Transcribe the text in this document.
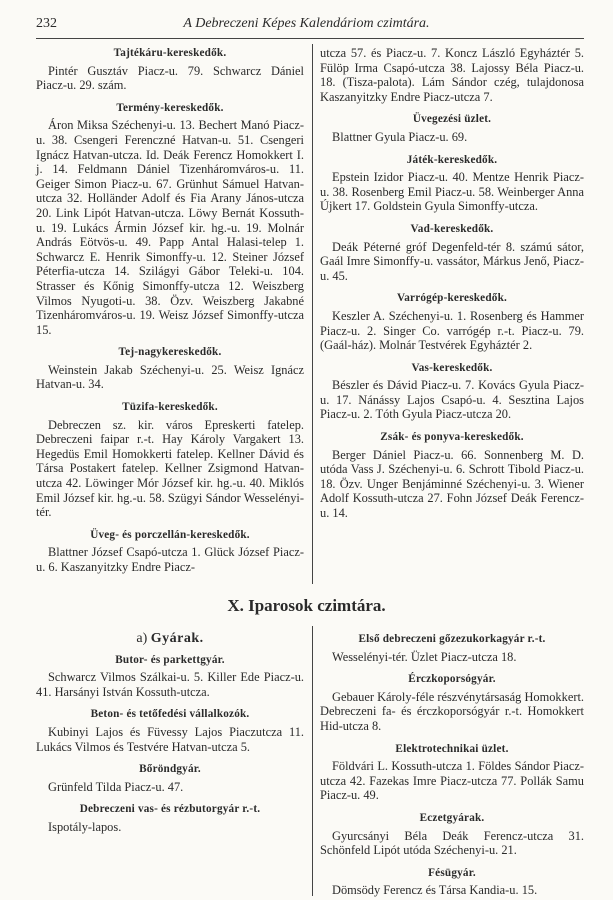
232	A Debreczeni Képes Kalendáriom czimtára.
Tajtékáru-kereskedők.

Pintér Gusztáv Piacz-u. 79. Schwarcz Dániel Piacz-u. 29. szám.

Termény-kereskedők.

Áron Miksa Széchenyi-u. 13. Bechert Manó Piacz-u. 38. Csengeri Ferenczné Hatvan-u. 51. Csengeri Ignácz Hatvan-utcza. Id. Deák Ferencz Homokkert I. j. 14. Feldmann Dániel Tizenháromváros-u. 11. Geiger Simon Piacz-u. 67. Grünhut Sámuel Hatvan-utcza 32. Holländer Adolf és Fia Arany János-utcza 20. Link Lipót Hatvan-utcza. Löwy Bernát Kossuth-u. 19. Lukács Ármin József kir. hg.-u. 19. Molnár András Eötvös-u. 49. Papp Antal Halasi-telep 1. Schwarcz E. Henrik Simonffy-u. 12. Steiner József Péterfia-utcza 14. Szilágyi Gábor Teleki-u. 104. Strasser és Kőnig Simonffy-utcza 12. Weiszberg Vilmos Nyugoti-u. 38. Özv. Weiszberg Jakabné Tizenháromváros-u. 19. Weisz József Simonffy-utcza 15.

Tej-nagykereskedők.

Weinstein Jakab Széchenyi-u. 25. Weisz Ignácz Hatvan-u. 34.

Tüzifa-kereskedők.

Debreczen sz. kir. város Epreskerti fatelep. Debreczeni faipar r.-t. Hay Károly Vargakert 13. Hegedüs Emil Homokkerti fatelep. Kellner Dávid és Társa Postakert fatelep. Kellner Zsigmond Hatvan-utcza 42. Löwinger Mór József kir. hg.-u. 40. Miklós Emil József kir. hg.-u. 58. Szügyi Sándor Wesselényi-tér.

Üveg- és porczellán-kereskedők.

Blattner József Csapó-utcza 1. Glück József Piacz-u. 6. Kaszanyitzky Endre Piacz-

utcza 57. és Piacz-u. 7. Koncz László Egyháztér 5. Fülöp Irma Csapó-utcza 38. Lajossy Béla Piacz-u. 18. (Tisza-palota). Lám Sándor czég, tulajdonosa Kaszanyitzky Endre Piacz-utcza 7.

Üvegezési üzlet.

Blattner Gyula Piacz-u. 69.

Játék-kereskedők.

Epstein Izidor Piacz-u. 40. Mentze Henrik Piacz-u. 38. Rosenberg Emil Piacz-u. 58. Weinberger Anna Újkert 17. Goldstein Gyula Simonffy-utcza.

Vad-kereskedők.

Deák Péterné gróf Degenfeld-tér 8. számú sátor, Gaál Imre Simonffy-u. vassátor, Márkus Jenő, Piacz-u. 45.

Varrógép-kereskedők.

Keszler A. Széchenyi-u. 1. Rosenberg és Hammer Piacz-u. 2. Singer Co. varrógép r.-t. Piacz-u. 79. (Gaál-ház). Molnár Testvérek Egyháztér 2.

Vas-kereskedők.

Bészler és Dávid Piacz-u. 7. Kovács Gyula Piacz-u. 17. Nánássy Lajos Csapó-u. 4. Sesztina Lajos Piacz-u. 2. Tóth Gyula Piacz-utcza 20.

Zsák- és ponyva-kereskedők.

Berger Dániel Piacz-u. 66. Sonnenberg M. D. utóda Vass J. Széchenyi-u. 6. Schrott Tibold Piacz-u. 18. Özv. Unger Benjáminné Széchenyi-u. 3. Wiener Adolf Kossuth-utcza 27. Fohn József Deák Ferencz-u. 14.

X. Iparosok czimtára.
a) Gyárak.
Butor- és parkettgyár.

Schwarcz Vilmos Szálkai-u. 5. Killer Ede Piacz-u. 41. Harsányi István Kossuth-utcza.

Beton- és tetőfedési vállalkozók.

Kubinyi Lajos és Füvessy Lajos Piaczutcza 11. Lukács Vilmos és Testvére Hatvan-utcza 5.

Bőröndgyár.

Grünfeld Tilda Piacz-u. 47.

Debreczeni vas- és rézbutorgyár r.-t.

Ispotály-lapos.

Első debreczeni gőzezukorkagyár r.-t.

Wesselényi-tér. Üzlet Piacz-utcza 18.

Érczkoporsógyár.

Gebauer Károly-féle részvénytársaság Homokkert. Debreczeni fa- és érczkoporsógyár r.-t. Homokkert Hid-utcza 8.

Elektrotechnikai üzlet.

Földvári L. Kossuth-utcza 1. Földes Sándor Piacz-utcza 42. Fazekas Imre Piacz-utcza 77. Pollák Samu Piacz-u. 49.

Eczetgyárak.

Gyurcsányi Béla Deák Ferencz-utcza 31. Schönfeld Lipót utóda Széchenyi-u. 21.

Fésügyár.

Dömsödy Ferencz és Társa Kandia-u. 15.
